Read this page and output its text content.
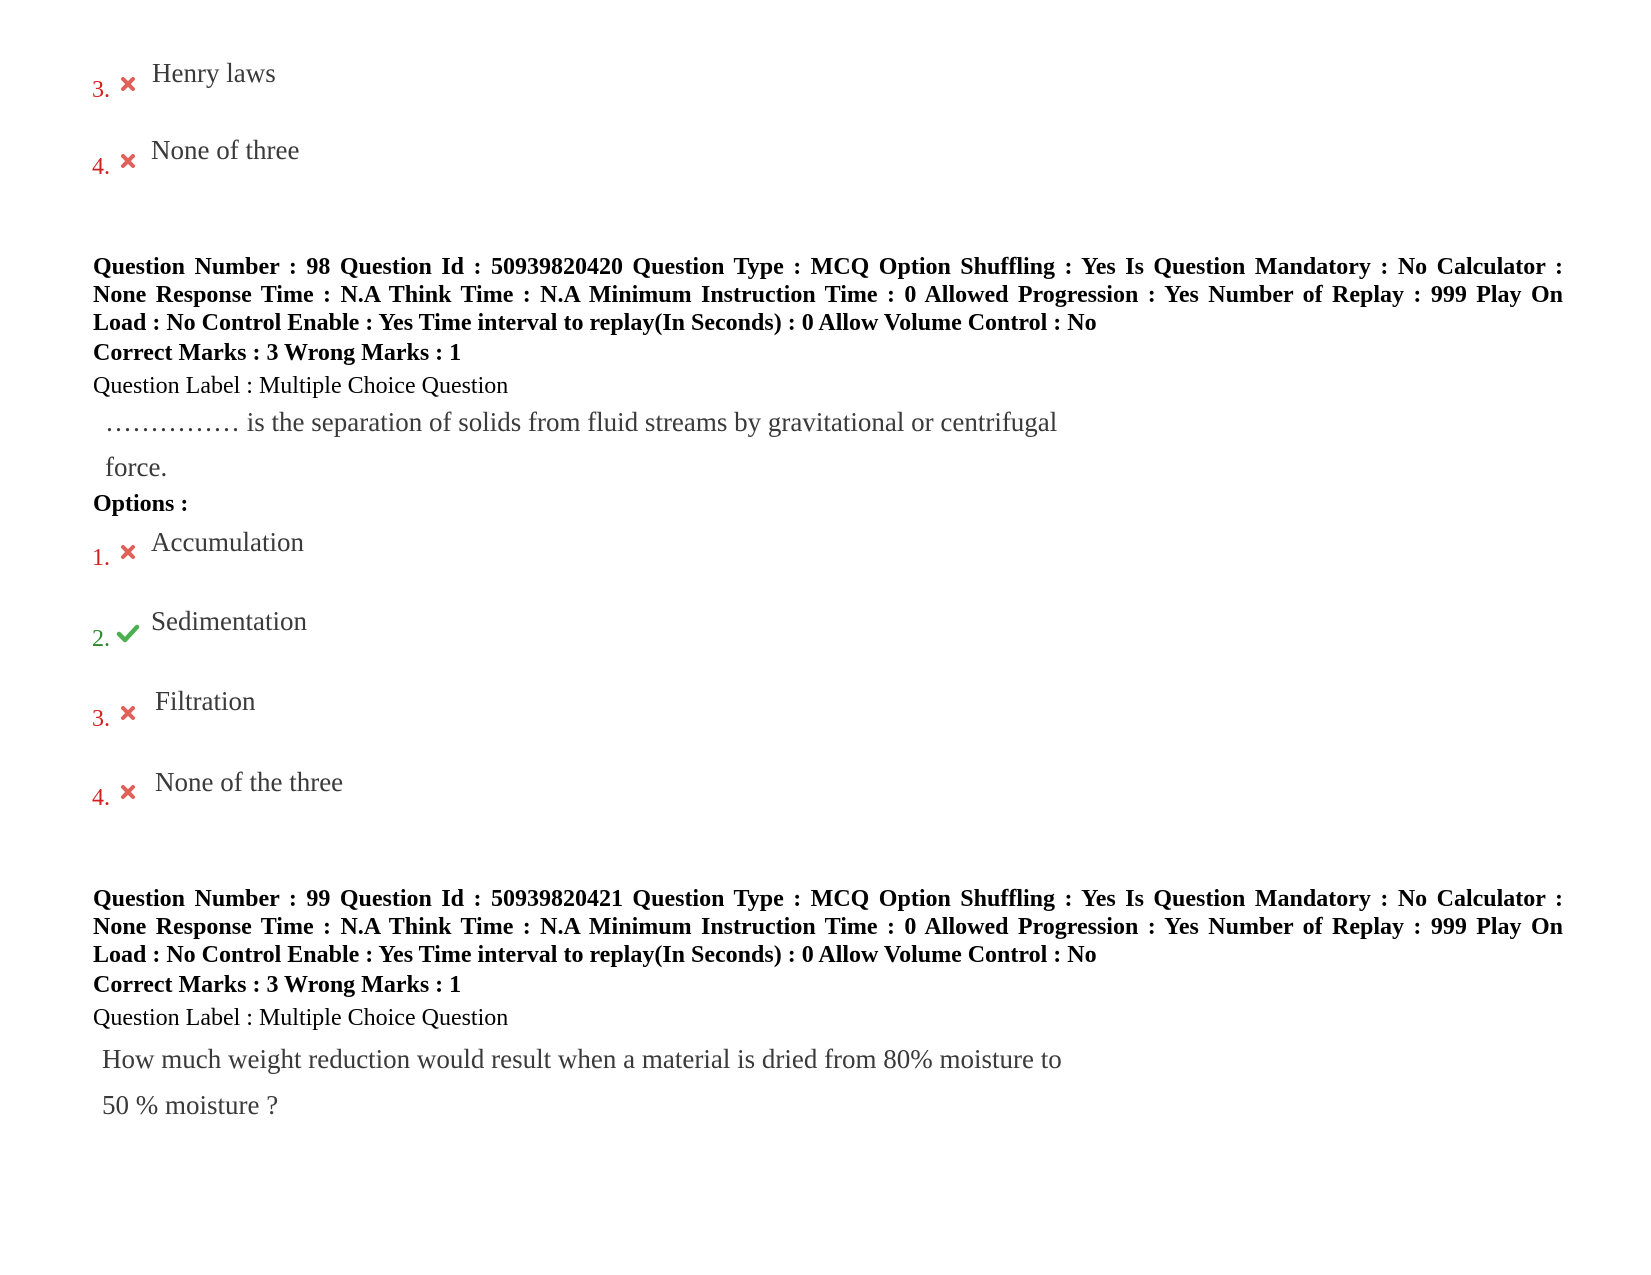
3.
Henry laws
4.
None of three
Question Number : 98 Question Id : 50939820420 Question Type : MCQ Option Shuffling : Yes Is Question Mandatory : No Calculator :
None Response Time : N.A Think Time : N.A Minimum Instruction Time : 0 Allowed Progression : Yes Number of Replay : 999 Play On
Load : No Control Enable : Yes Time interval to replay(In Seconds) : 0 Allow Volume Control : No
Correct Marks : 3 Wrong Marks : 1
Question Label : Multiple Choice Question
…………… is the separation of solids from fluid streams by gravitational or centrifugal
force.
Options :
1.
Accumulation
2.
Sedimentation
3.
Filtration
4.
None of the three
Question Number : 99 Question Id : 50939820421 Question Type : MCQ Option Shuffling : Yes Is Question Mandatory : No Calculator :
None Response Time : N.A Think Time : N.A Minimum Instruction Time : 0 Allowed Progression : Yes Number of Replay : 999 Play On
Load : No Control Enable : Yes Time interval to replay(In Seconds) : 0 Allow Volume Control : No
Correct Marks : 3 Wrong Marks : 1
Question Label : Multiple Choice Question
How much weight reduction would result when a material is dried from 80% moisture to
50 % moisture ?
